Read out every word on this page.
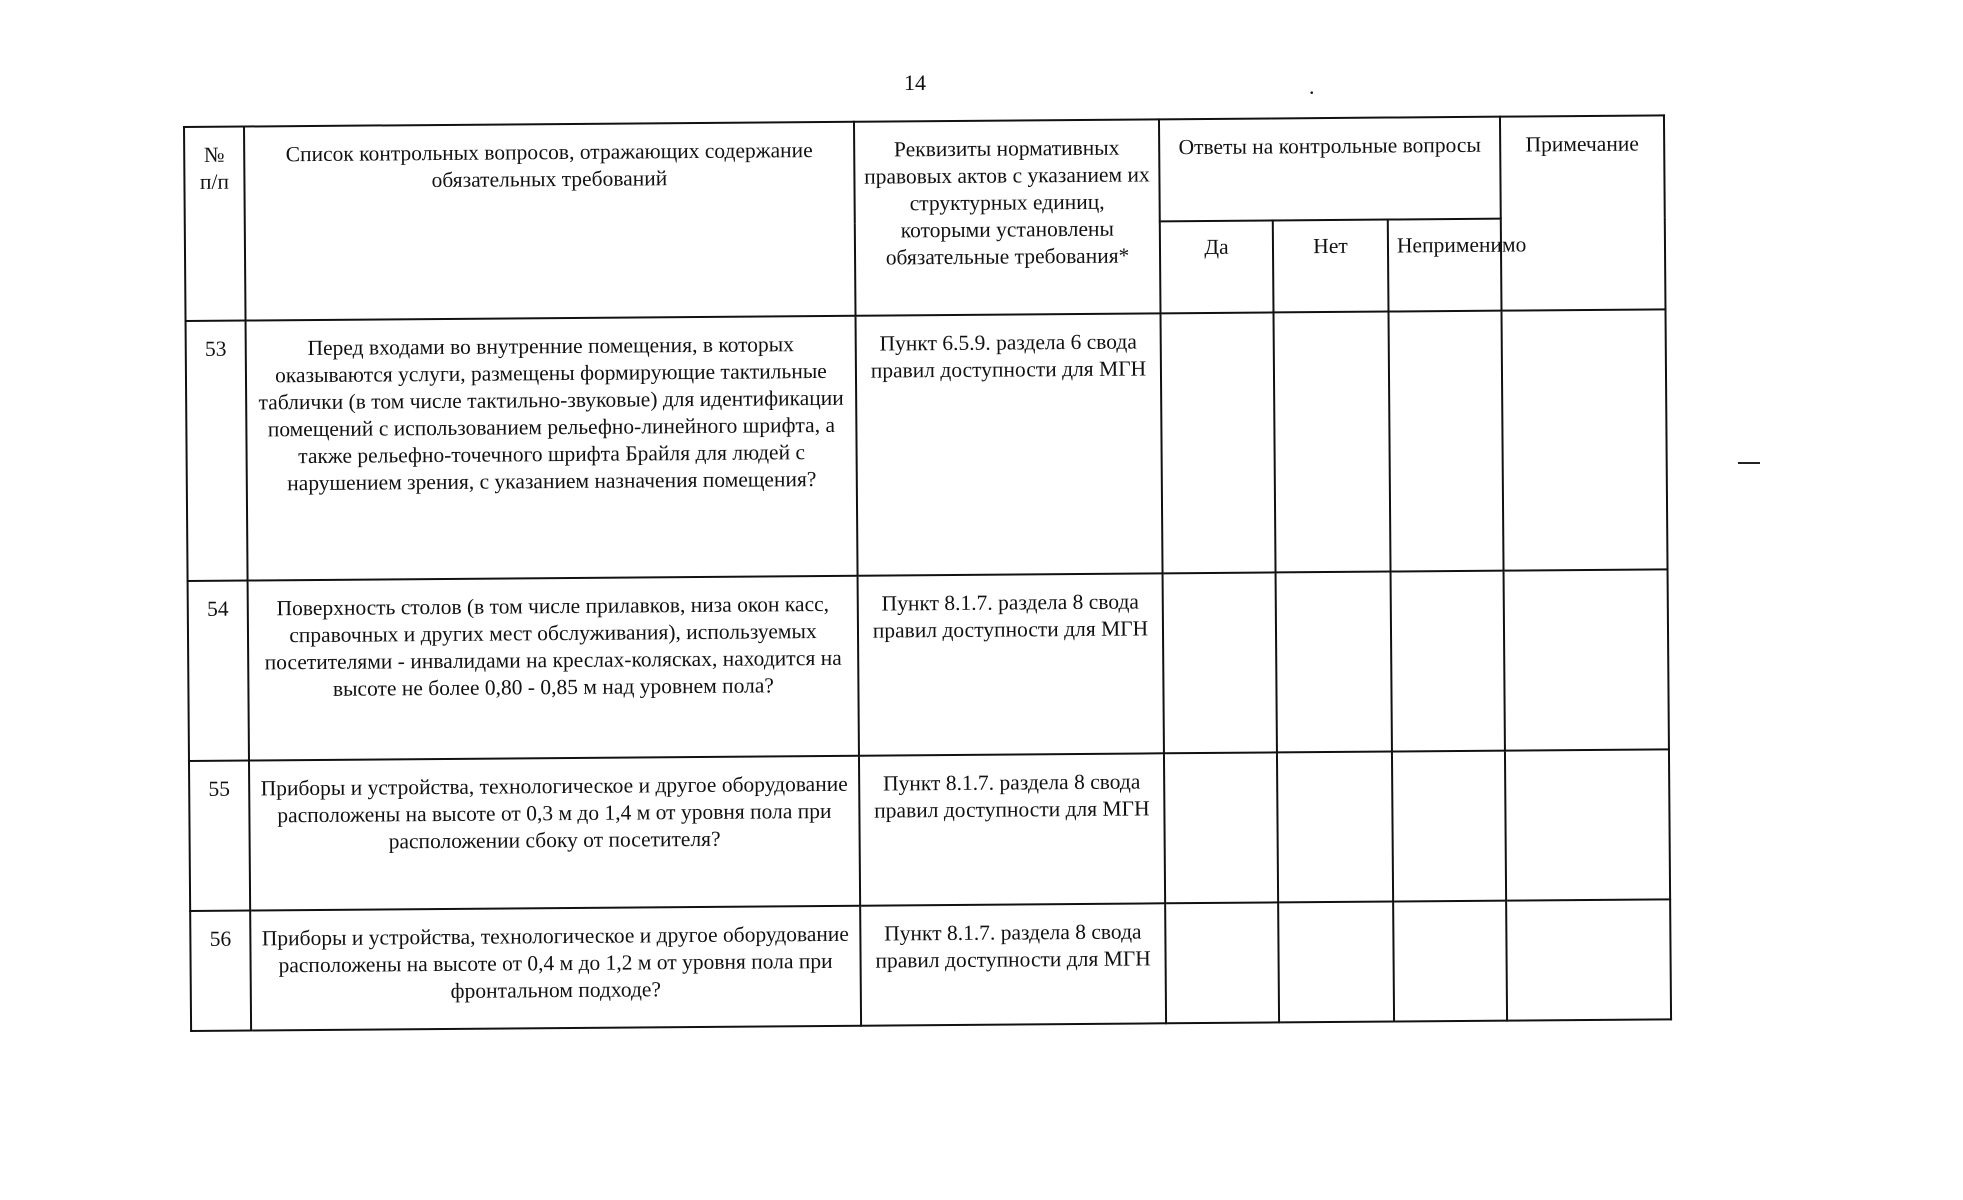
14	.
№ п/п	Список контрольных вопросов, отражающих содержание обязательных требований	Реквизиты нормативных правовых актов с указанием их структурных единиц, которыми установлены обязательные требования*	Ответы на контрольные вопросы			Примечание
			Да	Нет	Неприменимо	
53	Перед входами во внутренние помещения, в которых оказываются услуги, размещены формирующие тактильные таблички (в том числе тактильно-звуковые) для идентификации помещений с использованием рельефно-линейного шрифта, а также рельефно-точечного шрифта Брайля для людей с нарушением зрения, с указанием назначения помещения?	Пункт 6.5.9. раздела 6 свода правил доступности для МГН				
54	Поверхность столов (в том числе прилавков, низа окон касс, справочных и других мест обслуживания), используемых посетителями - инвалидами на креслах-колясках, находится на высоте не более 0,80 - 0,85 м над уровнем пола?	Пункт 8.1.7. раздела 8 свода правил доступности для МГН				
55	Приборы и устройства, технологическое и другое оборудование расположены на высоте от 0,3 м до 1,4 м от уровня пола при расположении сбоку от посетителя?	Пункт 8.1.7. раздела 8 свода правил доступности для МГН				
56	Приборы и устройства, технологическое и другое оборудование расположены на высоте от 0,4 м до 1,2 м от уровня пола при фронтальном подходе?	Пункт 8.1.7. раздела 8 свода правил доступности для МГН				
